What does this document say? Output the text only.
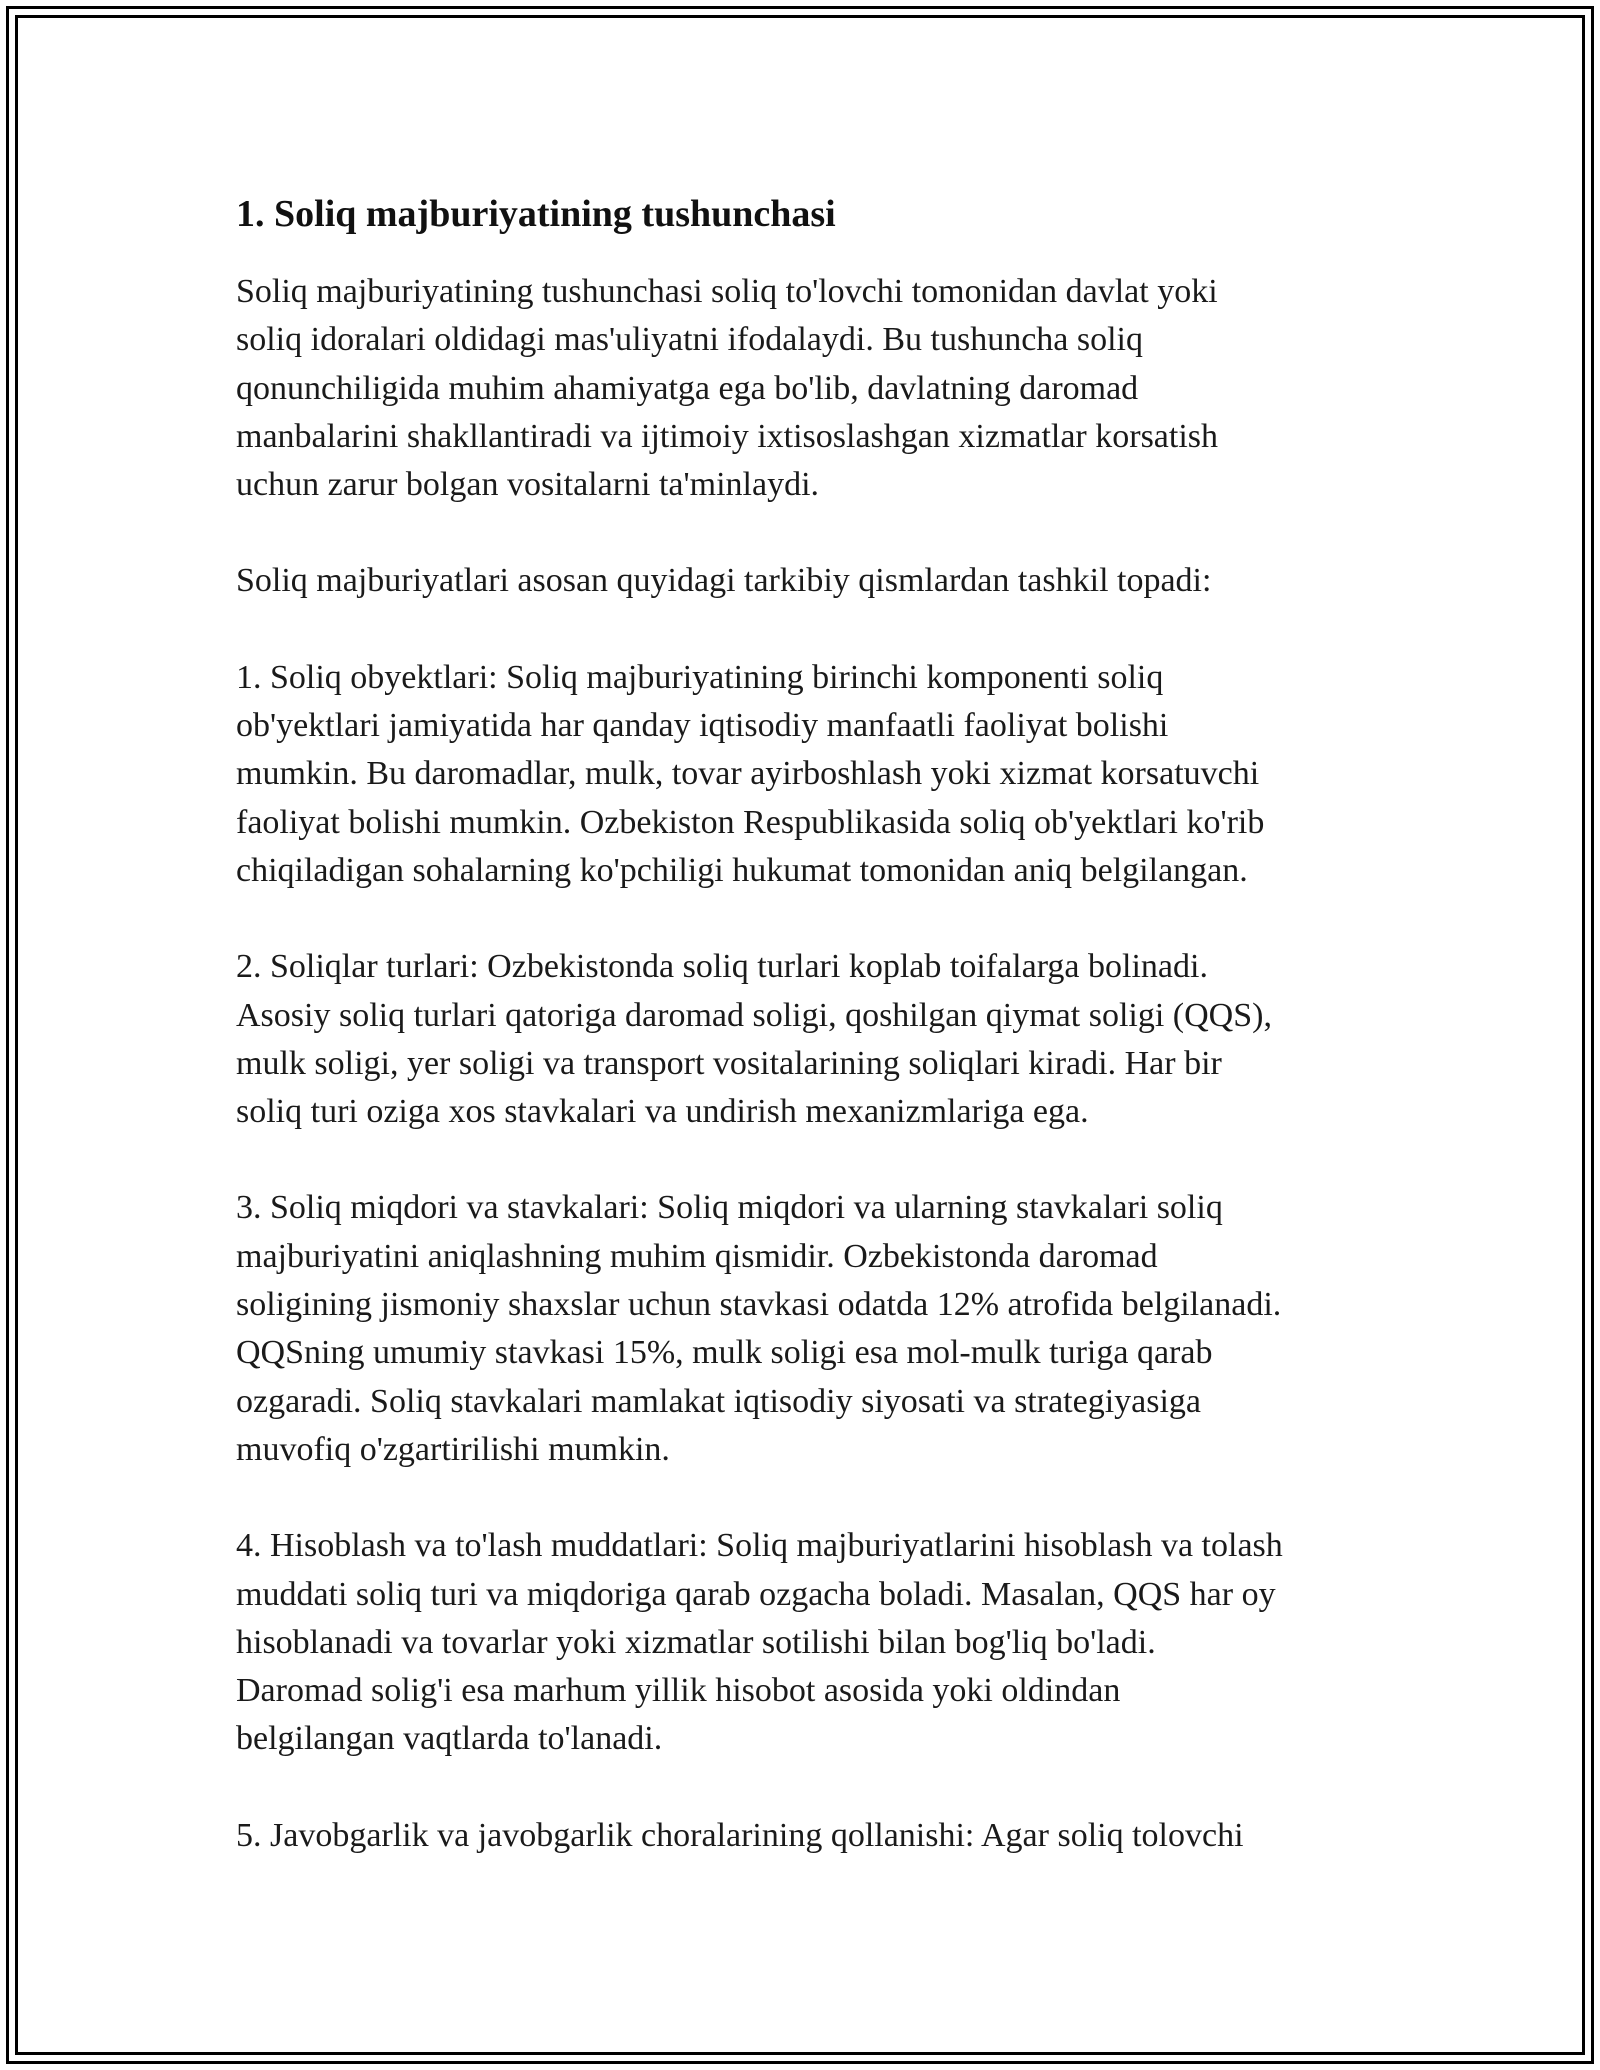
1. Soliq majburiyatining tushunchasi

Soliq majburiyatining tushunchasi soliq to'lovchi tomonidan davlat yoki
soliq idoralari oldidagi mas'uliyatni ifodalaydi. Bu tushuncha soliq
qonunchiligida muhim ahamiyatga ega bo'lib, davlatning daromad
manbalarini shakllantiradi va ijtimoiy ixtisoslashgan xizmatlar korsatish
uchun zarur bolgan vositalarni ta'minlaydi.

Soliq majburiyatlari asosan quyidagi tarkibiy qismlardan tashkil topadi:

1. Soliq obyektlari: Soliq majburiyatining birinchi komponenti soliq
ob'yektlari jamiyatida har qanday iqtisodiy manfaatli faoliyat bolishi
mumkin. Bu daromadlar, mulk, tovar ayirboshlash yoki xizmat korsatuvchi
faoliyat bolishi mumkin. Ozbekiston Respublikasida soliq ob'yektlari ko'rib
chiqiladigan sohalarning ko'pchiligi hukumat tomonidan aniq belgilangan.

2. Soliqlar turlari: Ozbekistonda soliq turlari koplab toifalarga bolinadi.
Asosiy soliq turlari qatoriga daromad soligi, qoshilgan qiymat soligi (QQS),
mulk soligi, yer soligi va transport vositalarining soliqlari kiradi. Har bir
soliq turi oziga xos stavkalari va undirish mexanizmlariga ega.

3. Soliq miqdori va stavkalari: Soliq miqdori va ularning stavkalari soliq
majburiyatini aniqlashning muhim qismidir. Ozbekistonda daromad
soligining jismoniy shaxslar uchun stavkasi odatda 12% atrofida belgilanadi.
QQSning umumiy stavkasi 15%, mulk soligi esa mol-mulk turiga qarab
ozgaradi. Soliq stavkalari mamlakat iqtisodiy siyosati va strategiyasiga
muvofiq o'zgartirilishi mumkin.

4. Hisoblash va to'lash muddatlari: Soliq majburiyatlarini hisoblash va tolash
muddati soliq turi va miqdoriga qarab ozgacha boladi. Masalan, QQS har oy
hisoblanadi va tovarlar yoki xizmatlar sotilishi bilan bog'liq bo'ladi.
Daromad solig'i esa marhum yillik hisobot asosida yoki oldindan
belgilangan vaqtlarda to'lanadi.

5. Javobgarlik va javobgarlik choralarining qollanishi: Agar soliq tolovchi
